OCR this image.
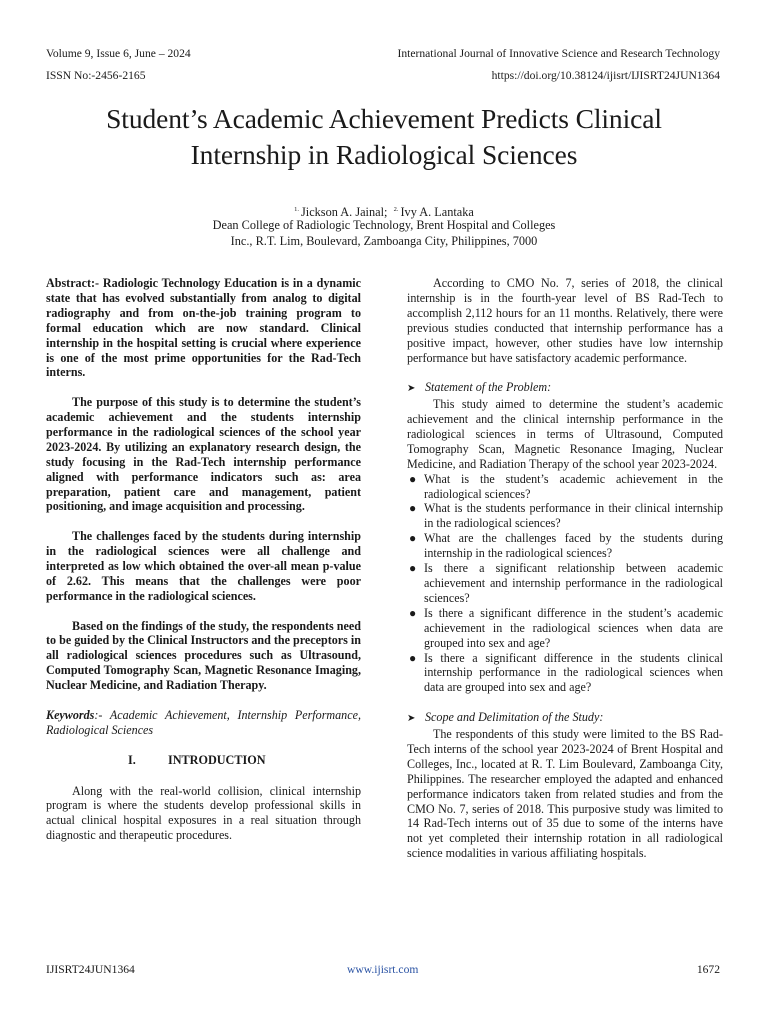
Volume 9, Issue 6, June – 2024
ISSN No:-2456-2165
International Journal of Innovative Science and Research Technology
https://doi.org/10.38124/ijisrt/IJISRT24JUN1364
Student’s Academic Achievement Predicts Clinical
Internship in Radiological Sciences
$^{1.}$ Jickson A. Jainal; $^{2.}$ Ivy A. Lantaka
Dean College of Radiologic Technology, Brent Hospital and Colleges
Inc., R.T. Lim, Boulevard, Zamboanga City, Philippines, 7000

Abstract:- Radiologic Technology Education is in a dynamic state that has evolved substantially from analog to digital radiography and from on-the-job training program to formal education which are now standard. Clinical internship in the hospital setting is crucial where experience is one of the most prime opportunities for the Rad-Tech interns.

The purpose of this study is to determine the student’s academic achievement and the students internship performance in the radiological sciences of the school year 2023-2024. By utilizing an explanatory research design, the study focusing in the Rad-Tech internship performance aligned with performance indicators such as: area preparation, patient care and management, patient positioning, and image acquisition and processing.

The challenges faced by the students during internship in the radiological sciences were all challenge and interpreted as low which obtained the over-all mean p-value of 2.62. This means that the challenges were poor performance in the radiological sciences.

Based on the findings of the study, the respondents need to be guided by the Clinical Instructors and the preceptors in all radiological sciences procedures such as Ultrasound, Computed Tomography Scan, Magnetic Resonance Imaging, Nuclear Medicine, and Radiation Therapy.

Keywords:- Academic Achievement, Internship Performance, Radiological Sciences

I.	INTRODUCTION

Along with the real-world collision, clinical internship program is where the students develop professional skills in actual clinical hospital exposures in a real situation through diagnostic and therapeutic procedures.

According to CMO No. 7, series of 2018, the clinical internship is in the fourth-year level of BS Rad-Tech to accomplish 2,112 hours for an 11 months. Relatively, there were previous studies conducted that internship performance has a positive impact, however, other studies have low internship performance but have satisfactory academic performance.

➤ Statement of the Problem:

This study aimed to determine the student’s academic achievement and the clinical internship performance in the radiological sciences in terms of Ultrasound, Computed Tomography Scan, Magnetic Resonance Imaging, Nuclear Medicine, and Radiation Therapy of the school year 2023-2024.

● What is the student’s academic achievement in the radiological sciences?
● What is the students performance in their clinical internship in the radiological sciences?
● What are the challenges faced by the students during internship in the radiological sciences?
● Is there a significant relationship between academic achievement and internship performance in the radiological sciences?
● Is there a significant difference in the student’s academic achievement in the radiological sciences when data are grouped into sex and age?
● Is there a significant difference in the students clinical internship performance in the radiological sciences when data are grouped into sex and age?
➤ Scope and Delimitation of the Study:

The respondents of this study were limited to the BS Rad-Tech interns of the school year 2023-2024 of Brent Hospital and Colleges, Inc., located at R. T. Lim Boulevard, Zamboanga City, Philippines. The researcher employed the adapted and enhanced performance indicators taken from related studies and from the CMO No. 7, series of 2018. This purposive study was limited to 14 Rad-Tech interns out of 35 due to some of the interns have not yet completed their internship rotation in all radiological science modalities in various affiliating hospitals.

IJISRT24JUN1364	www.ijisrt.com	1672
